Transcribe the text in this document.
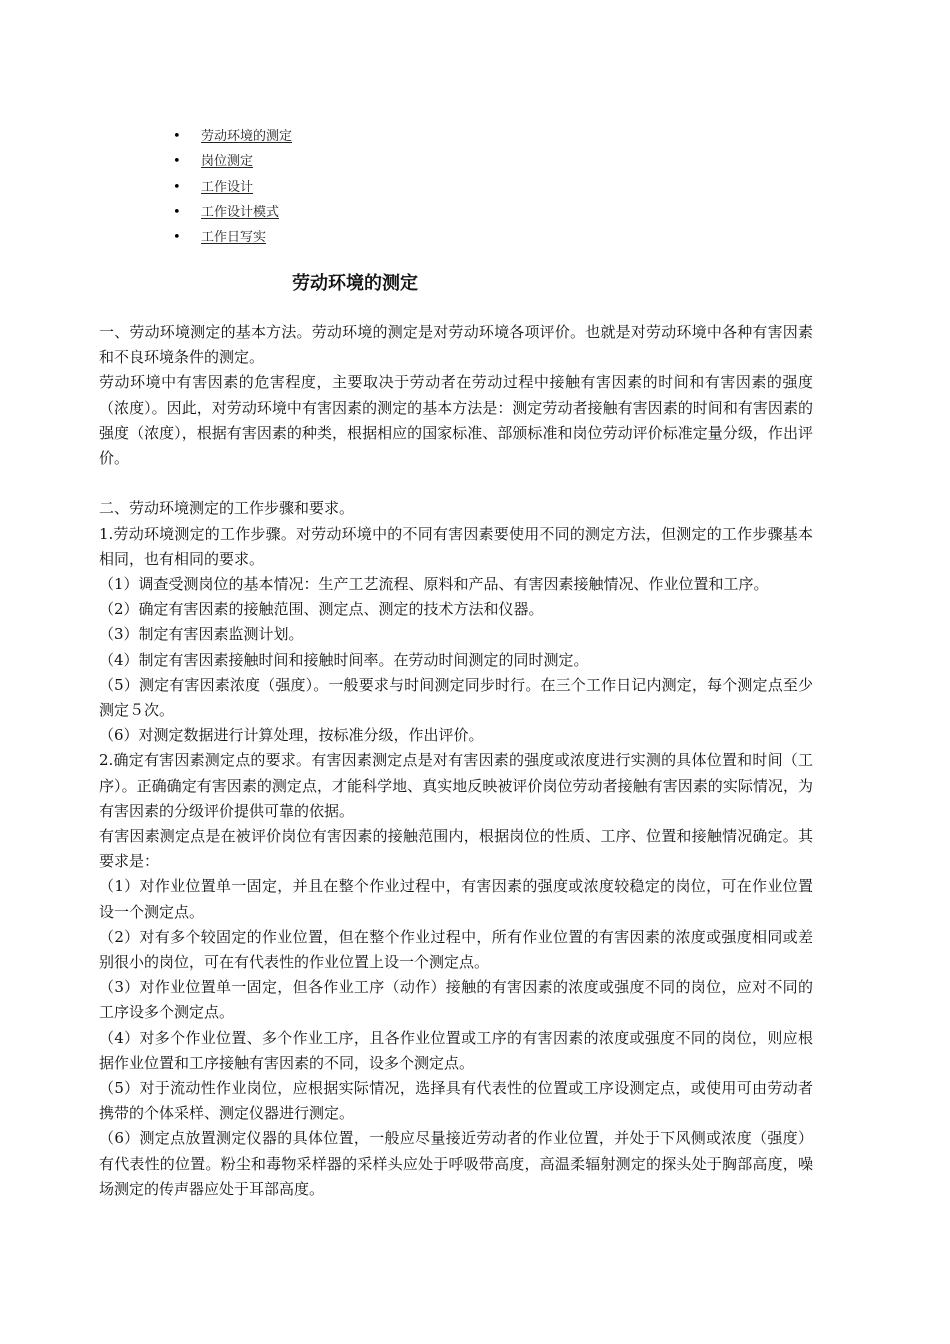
• 劳动环境的测定
• 岗位测定
• 工作设计
• 工作设计模式
• 工作日写实
劳动环境的测定

一、劳动环境测定的基本方法。劳动环境的测定是对劳动环境各项评价。也就是对劳动环境中各种有害因素和不良环境条件的测定。

劳动环境中有害因素的危害程度，主要取决于劳动者在劳动过程中接触有害因素的时间和有害因素的强度（浓度）。因此，对劳动环境中有害因素的测定的基本方法是：测定劳动者接触有害因素的时间和有害因素的强度（浓度），根据有害因素的种类，根据相应的国家标准、部颁标准和岗位劳动评价标准定量分级，作出评价。

二、劳动环境测定的工作步骤和要求。

1.劳动环境测定的工作步骤。对劳动环境中的不同有害因素要使用不同的测定方法，但测定的工作步骤基本相同，也有相同的要求。

（1）调查受测岗位的基本情况：生产工艺流程、原料和产品、有害因素接触情况、作业位置和工序。

（2）确定有害因素的接触范围、测定点、测定的技术方法和仪器。

（3）制定有害因素监测计划。

（4）制定有害因素接触时间和接触时间率。在劳动时间测定的同时测定。

（5）测定有害因素浓度（强度）。一般要求与时间测定同步时行。在三个工作日记内测定，每个测定点至少测定５次。

（6）对测定数据进行计算处理，按标准分级，作出评价。

2.确定有害因素测定点的要求。有害因素测定点是对有害因素的强度或浓度进行实测的具体位置和时间（工序）。正确确定有害因素的测定点，才能科学地、真实地反映被评价岗位劳动者接触有害因素的实际情况，为有害因素的分级评价提供可靠的依据。

有害因素测定点是在被评价岗位有害因素的接触范围内，根据岗位的性质、工序、位置和接触情况确定。其要求是：

（1）对作业位置单一固定，并且在整个作业过程中，有害因素的强度或浓度较稳定的岗位，可在作业位置设一个测定点。

（2）对有多个较固定的作业位置，但在整个作业过程中，所有作业位置的有害因素的浓度或强度相同或差别很小的岗位，可在有代表性的作业位置上设一个测定点。

（3）对作业位置单一固定，但各作业工序（动作）接触的有害因素的浓度或强度不同的岗位，应对不同的工序设多个测定点。

（4）对多个作业位置、多个作业工序，且各作业位置或工序的有害因素的浓度或强度不同的岗位，则应根据作业位置和工序接触有害因素的不同，设多个测定点。

（5）对于流动性作业岗位，应根据实际情况，选择具有代表性的位置或工序设测定点，或使用可由劳动者携带的个体采样、测定仪器进行测定。

（6）测定点放置测定仪器的具体位置，一般应尽量接近劳动者的作业位置，并处于下风侧或浓度（强度）有代表性的位置。粉尘和毒物采样器的采样头应处于呼吸带高度，高温柔辐射测定的探头处于胸部高度，噪场测定的传声器应处于耳部高度。
